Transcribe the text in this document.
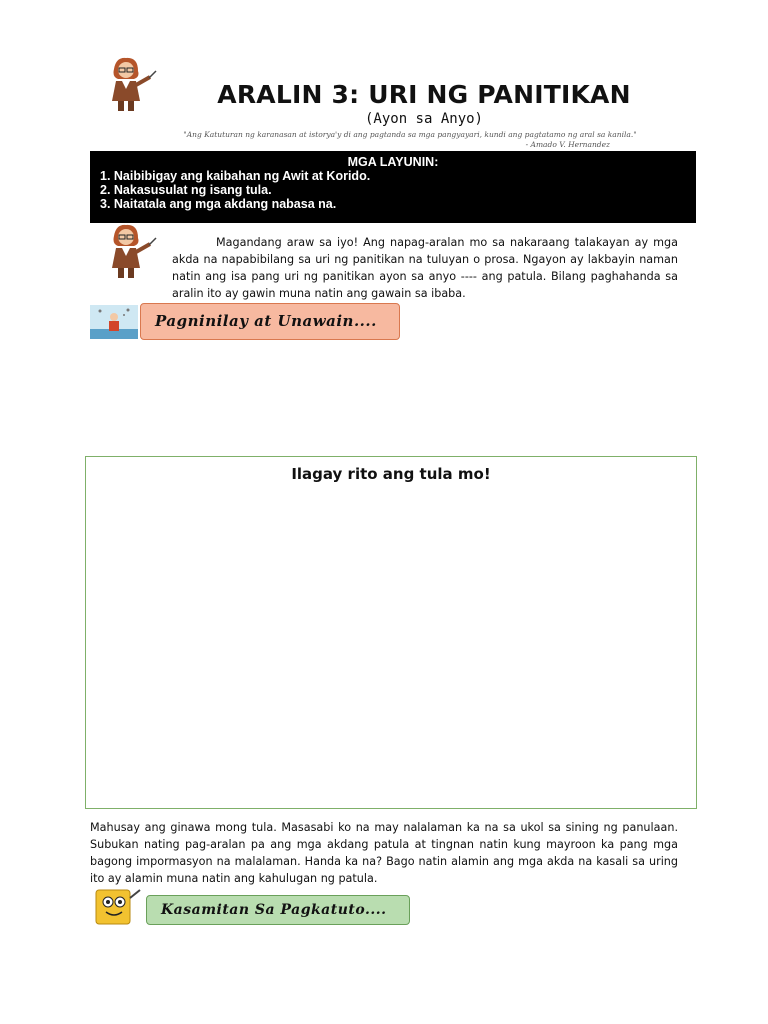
ARALIN 3: URI NG PANITIKAN
(Ayon sa Anyo)
"Ang Katuturan ng karanasan at istorya'y di ang pagtanda sa mga pangyayari, kundi ang pagtatamo ng aral sa kanila."
- Amado V. Hernandez
MGA LAYUNIN:
1. Naibibigay ang kaibahan ng Awit at Korido.
2. Nakasusulat ng isang tula.
3. Naitatala ang mga akdang nabasa na.
Magandang araw sa iyo! Ang napag-aralan mo sa nakaraang talakayan ay mga akda na napabibilang sa uri ng panitikan na tuluyan o prosa. Ngayon ay lakbayin naman natin ang isa pang uri ng panitikan ayon sa anyo ---- ang patula. Bilang paghahanda sa aralin ito ay gawin muna natin ang gawain sa ibaba.
Pagninilay at Unawain....
Ilagay rito ang tula mo!
Mahusay ang ginawa mong tula. Masasabi ko na may nalalaman ka na sa ukol sa sining ng panulaan. Subukan nating pag-aralan pa ang mga akdang patula at tingnan natin kung mayroon ka pang mga bagong impormasyon na malalaman. Handa ka na? Bago natin alamin ang mga akda na kasali sa uring ito ay alamin muna natin ang kahulugan ng patula.
Kasamitan Sa Pagkatuto....
